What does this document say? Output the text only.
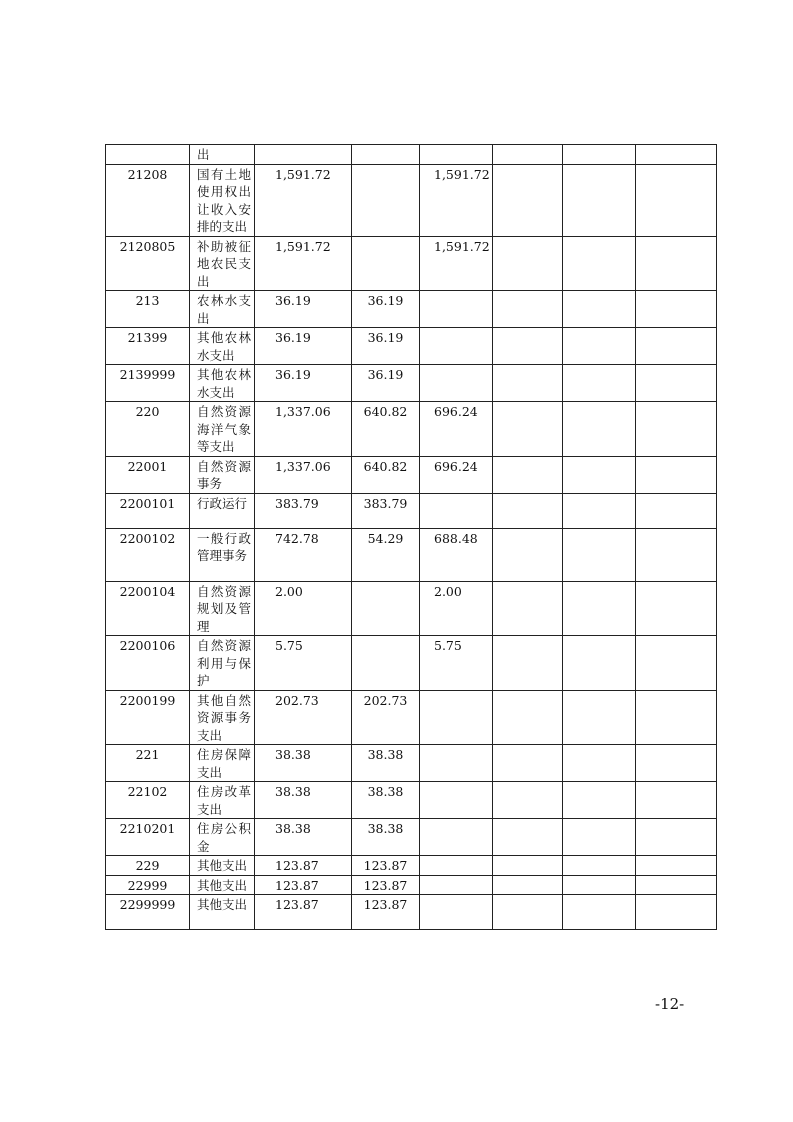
	出						

21208	国有土地使用权出让收入安排的支出	1,591.72		1,591.72			
2120805	补助被征地农民支出	1,591.72		1,591.72			
213	农林水支出	36.19	36.19				
21399	其他农林水支出	36.19	36.19				
2139999	其他农林水支出	36.19	36.19				
220	自然资源海洋气象等支出	1,337.06	640.82	696.24			
22001	自然资源事务	1,337.06	640.82	696.24			
2200101	行政运行	383.79	383.79				
2200102	一般行政管理事务	742.78	54.29	688.48			
2200104	自然资源规划及管理	2.00		2.00			
2200106	自然资源利用与保护	5.75		5.75			
2200199	其他自然资源事务支出	202.73	202.73				
221	住房保障支出	38.38	38.38				
22102	住房改革支出	38.38	38.38				
2210201	住房公积金	38.38	38.38				
229	其他支出	123.87	123.87				
22999	其他支出	123.87	123.87				
2299999	其他支出	123.87	123.87				
-12-
